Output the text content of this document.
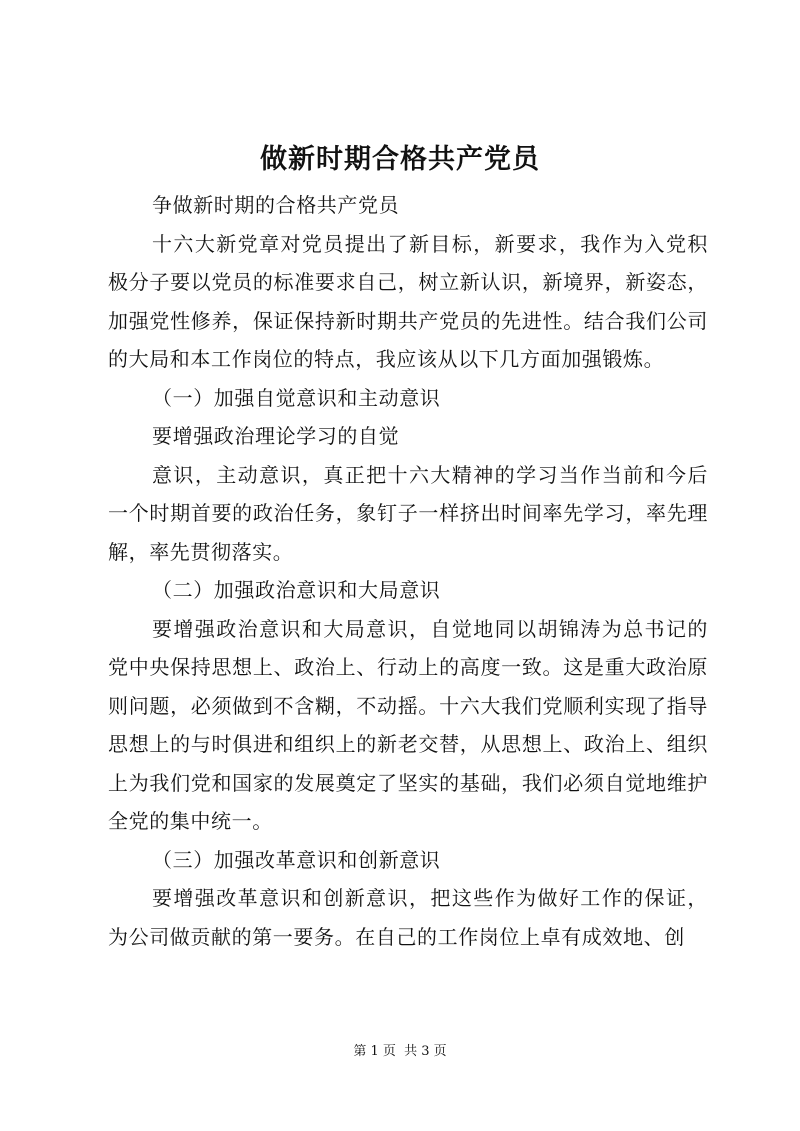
做新时期合格共产党员

争做新时期的合格共产党员

十六大新党章对党员提出了新目标，新要求，我作为入党积极分子要以党员的标准要求自己，树立新认识，新境界，新姿态，加强党性修养，保证保持新时期共产党员的先进性。结合我们公司的大局和本工作岗位的特点，我应该从以下几方面加强锻炼。

（一）加强自觉意识和主动意识

要增强政治理论学习的自觉

意识，主动意识，真正把十六大精神的学习当作当前和今后一个时期首要的政治任务，象钉子一样挤出时间率先学习，率先理解，率先贯彻落实。

（二）加强政治意识和大局意识

要增强政治意识和大局意识，自觉地同以胡锦涛为总书记的党中央保持思想上、政治上、行动上的高度一致。这是重大政治原则问题，必须做到不含糊，不动摇。十六大我们党顺利实现了指导思想上的与时俱进和组织上的新老交替，从思想上、政治上、组织上为我们党和国家的发展奠定了坚实的基础，我们必须自觉地维护全党的集中统一。

（三）加强改革意识和创新意识

要增强改革意识和创新意识，把这些作为做好工作的保证，为公司做贡献的第一要务。在自己的工作岗位上卓有成效地、创

第 1 页 共 3 页
